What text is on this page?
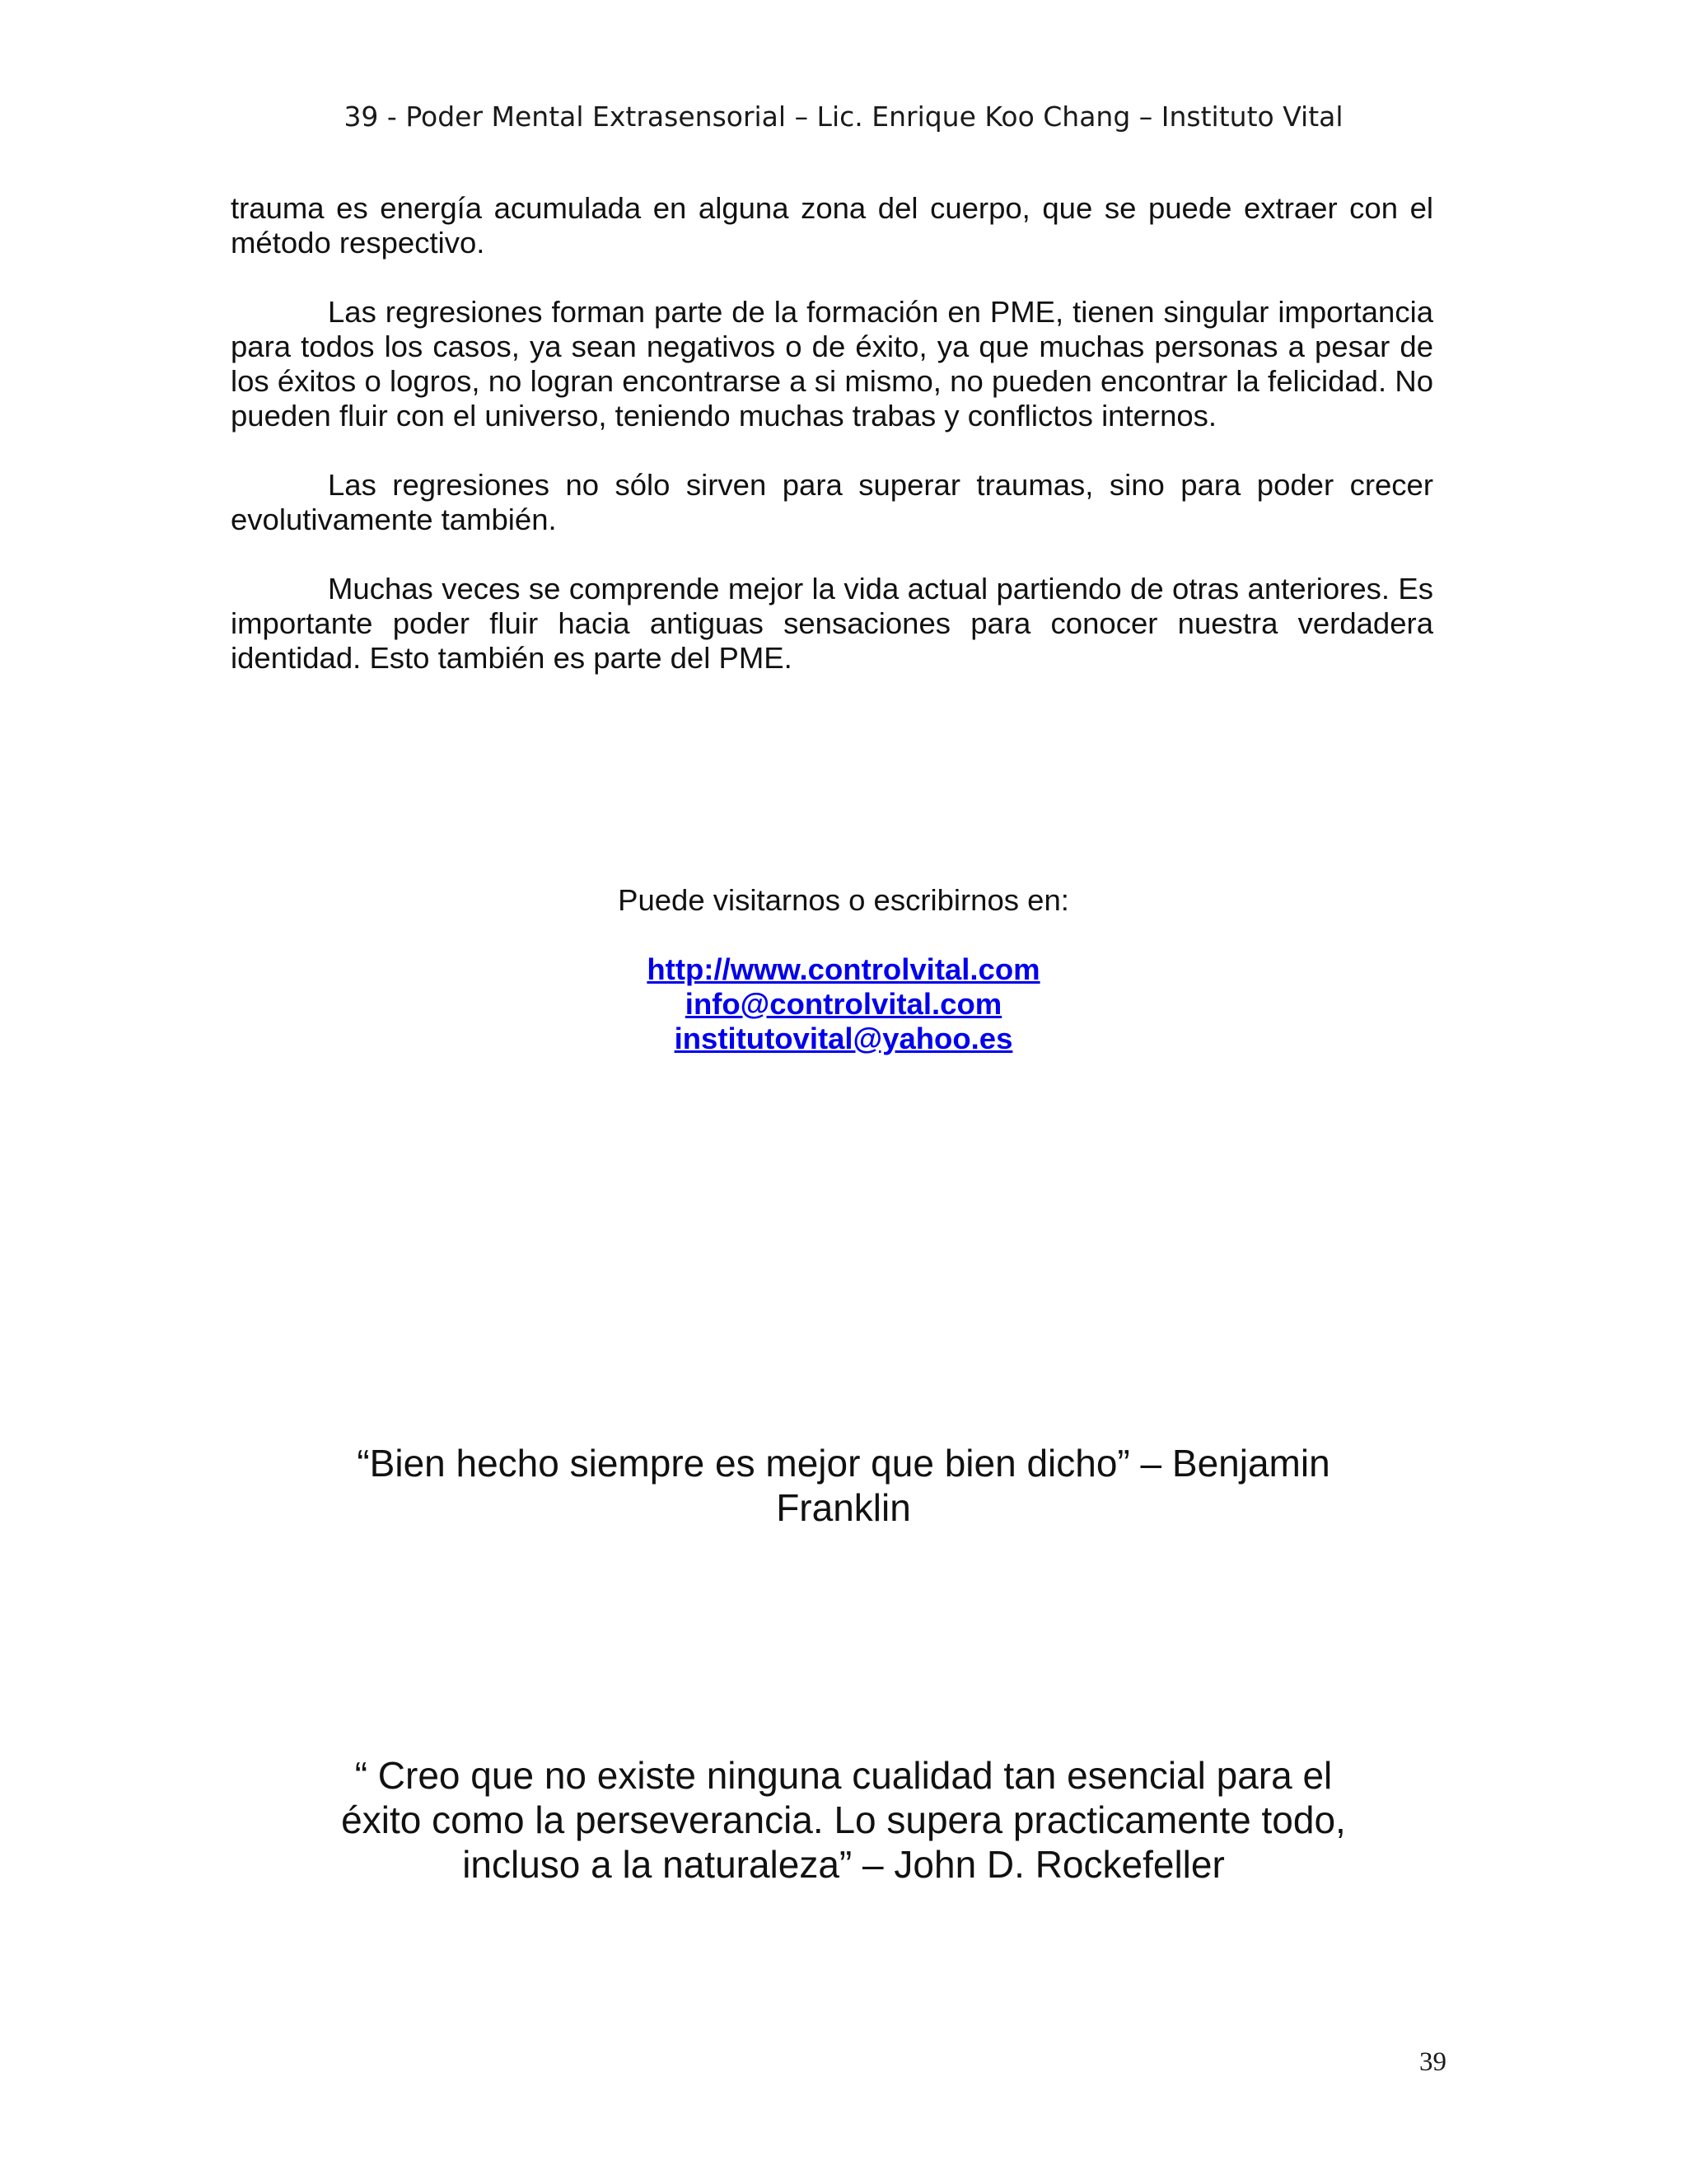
39 - Poder Mental Extrasensorial – Lic. Enrique Koo Chang – Instituto Vital

trauma es energía acumulada en alguna zona del cuerpo, que se puede extraer con el método respectivo.

Las regresiones forman parte de la formación en PME, tienen singular importancia para todos los casos, ya sean negativos o de éxito, ya que muchas personas a pesar de los éxitos o logros, no logran encontrarse a si mismo, no pueden encontrar la felicidad. No pueden fluir con el universo, teniendo muchas trabas y conflictos internos.

Las regresiones no sólo sirven para superar traumas, sino para poder crecer evolutivamente también.

Muchas veces se comprende mejor la vida actual partiendo de otras anteriores. Es importante poder fluir hacia antiguas sensaciones para conocer nuestra verdadera identidad. Esto también es parte del PME.

Puede visitarnos o escribirnos en:

http://www.controlvital.com
info@controlvital.com
institutovital@yahoo.es
“Bien hecho siempre es mejor que bien dicho” – Benjamin Franklin
“ Creo que no existe ninguna cualidad tan esencial para el éxito como la perseverancia. Lo supera practicamente todo, incluso a la naturaleza” – John D. Rockefeller
39
